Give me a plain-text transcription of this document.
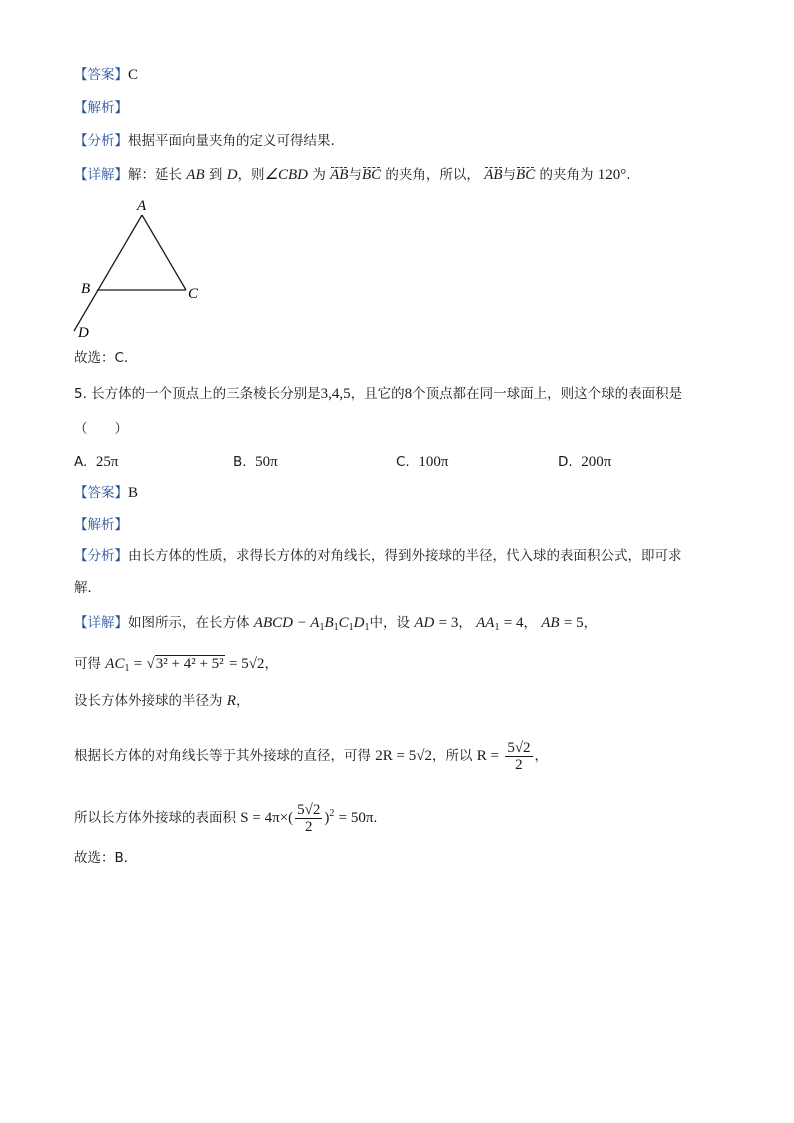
【答案】C
【解析】
【分析】根据平面向量夹角的定义可得结果.
【详解】解：延长 AB 到 D，则∠CBD 为 AB与BC 的夹角，所以， AB与BC 的夹角为 120°.
A
B	C
D
故选：C．
5. 长方体的一个顶点上的三条棱长分别是3,4,5，且它的8个顶点都在同一球面上，则这个球的表面积是
（　　）
A. 25π	B. 50π	C. 100π	D. 200π
【答案】B
【解析】
【分析】由长方体的性质，求得长方体的对角线长，得到外接球的半径，代入球的表面积公式，即可求
解．
【详解】如图所示，在长方体 ABCD − $A_1B_1C_1D_1$中，设 AD = 3， $AA_1 = 4$， AB = 5，
可得 $AC_1 = √3^2 + 4^2 + 5^2 = 5√2$，
设长方体外接球的半径为 R，
根据长方体的对角线长等于其外接球的直径，可得 2R = 5√2，所以 $R = \frac{5√2}{2}$ ，
所以长方体外接球的表面积 $S = 4\pi\times( \frac{5√2}{2} )^2 = 50\pi$.
故选：B．
